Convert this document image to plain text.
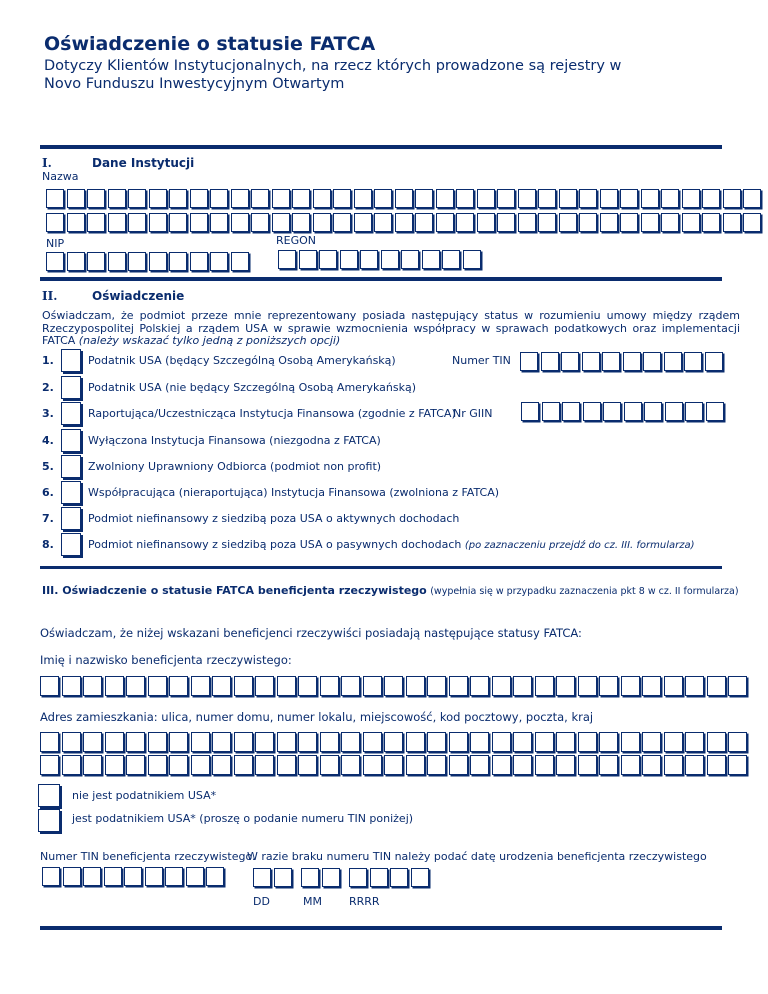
Oświadczenie o statusie FATCA
Dotyczy Klientów Instytucjonalnych, na rzecz których prowadzone są rejestry w
Novo Funduszu Inwestycyjnym Otwartym
I.	Dane Instytucji
Nazwa
NIP	REGON
II.	Oświadczenie
Oświadczam, że podmiot przeze mnie reprezentowany posiada następujący status w rozumieniu umowy między rządem Rzeczypospolitej Polskiej a rządem USA w sprawie wzmocnienia współpracy w sprawach podatkowych oraz implementacji FATCA (należy wskazać tylko jedną z poniższych opcji)
1.	Podatnik USA (będący Szczególną Osobą Amerykańską)	Numer TIN
2.	Podatnik USA (nie będący Szczególną Osobą Amerykańską)
3.	Raportująca/Uczestnicząca Instytucja Finansowa (zgodnie z FATCA)
Nr GIIN
4.	Wyłączona Instytucja Finansowa (niezgodna z FATCA)
5.	Zwolniony Uprawniony Odbiorca (podmiot non profit)
6.	Współpracująca (nieraportująca) Instytucja Finansowa (zwolniona z FATCA)
7.	Podmiot niefinansowy z siedzibą poza USA o aktywnych dochodach
8.	Podmiot niefinansowy z siedzibą poza USA o pasywnych dochodach (po zaznaczeniu przejdź do cz. III. formularza)
III. Oświadczenie o statusie FATCA beneficjenta rzeczywistego (wypełnia się w przypadku zaznaczenia pkt 8 w cz. II formularza)
Oświadczam, że niżej wskazani beneficjenci rzeczywiści posiadają następujące statusy FATCA:
Imię i nazwisko beneficjenta rzeczywistego:
Adres zamieszkania: ulica, numer domu, numer lokalu, miejscowość, kod pocztowy, poczta, kraj
nie jest podatnikiem USA*
jest podatnikiem USA* (proszę o podanie numeru TIN poniżej)
Numer TIN beneficjenta rzeczywistego.
W razie braku numeru TIN należy podać datę urodzenia beneficjenta rzeczywistego
DD	MM RRRR
